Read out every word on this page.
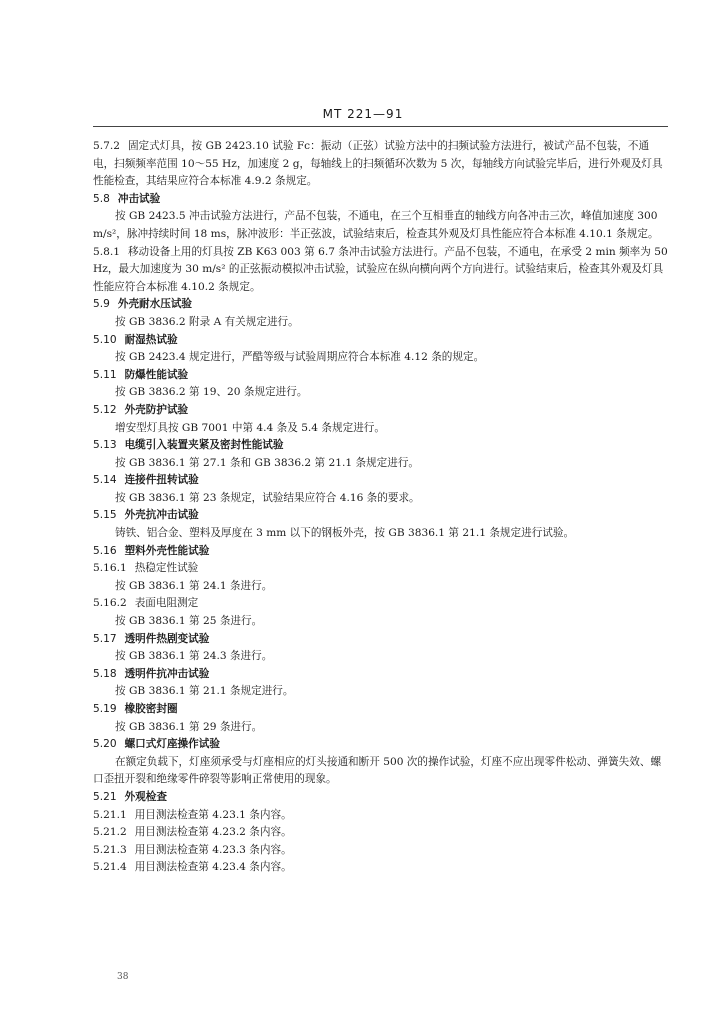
MT 221—91

5.7.2 固定式灯具，按 GB 2423.10 试验 Fc：振动（正弦）试验方法中的扫频试验方法进行，被试产品不包装，不通电，扫频频率范围 10～55 Hz，加速度 2 g，每轴线上的扫频循环次数为 5 次，每轴线方向试验完毕后，进行外观及灯具性能检查，其结果应符合本标准 4.9.2 条规定。

5.8 冲击试验

按 GB 2423.5 冲击试验方法进行，产品不包装，不通电，在三个互相垂直的轴线方向各冲击三次，峰值加速度 300 m/s²，脉冲持续时间 18 ms，脉冲波形：半正弦波，试验结束后，检查其外观及灯具性能应符合本标准 4.10.1 条规定。

5.8.1 移动设备上用的灯具按 ZB K63 003 第 6.7 条冲击试验方法进行。产品不包装，不通电，在承受 2 min 频率为 50 Hz，最大加速度为 30 m/s² 的正弦振动模拟冲击试验，试验应在纵向横向两个方向进行。试验结束后，检查其外观及灯具性能应符合本标准 4.10.2 条规定。

5.9 外壳耐水压试验

按 GB 3836.2 附录 A 有关规定进行。

5.10 耐湿热试验

按 GB 2423.4 规定进行，严酷等级与试验周期应符合本标准 4.12 条的规定。

5.11 防爆性能试验

按 GB 3836.2 第 19、20 条规定进行。

5.12 外壳防护试验

增安型灯具按 GB 7001 中第 4.4 条及 5.4 条规定进行。

5.13 电缆引入装置夹紧及密封性能试验

按 GB 3836.1 第 27.1 条和 GB 3836.2 第 21.1 条规定进行。

5.14 连接件扭转试验

按 GB 3836.1 第 23 条规定，试验结果应符合 4.16 条的要求。

5.15 外壳抗冲击试验

铸铁、铝合金、塑料及厚度在 3 mm 以下的钢板外壳，按 GB 3836.1 第 21.1 条规定进行试验。

5.16 塑料外壳性能试验

5.16.1 热稳定性试验

按 GB 3836.1 第 24.1 条进行。

5.16.2 表面电阻测定

按 GB 3836.1 第 25 条进行。

5.17 透明件热剧变试验

按 GB 3836.1 第 24.3 条进行。

5.18 透明件抗冲击试验

按 GB 3836.1 第 21.1 条规定进行。

5.19 橡胶密封圈

按 GB 3836.1 第 29 条进行。

5.20 螺口式灯座操作试验

在额定负载下，灯座须承受与灯座相应的灯头接通和断开 500 次的操作试验，灯座不应出现零件松动、弹簧失效、螺口歪扭开裂和绝缘零件碎裂等影响正常使用的现象。

5.21 外观检查

5.21.1 用目测法检查第 4.23.1 条内容。

5.21.2 用目测法检查第 4.23.2 条内容。

5.21.3 用目测法检查第 4.23.3 条内容。

5.21.4 用目测法检查第 4.23.4 条内容。

38
